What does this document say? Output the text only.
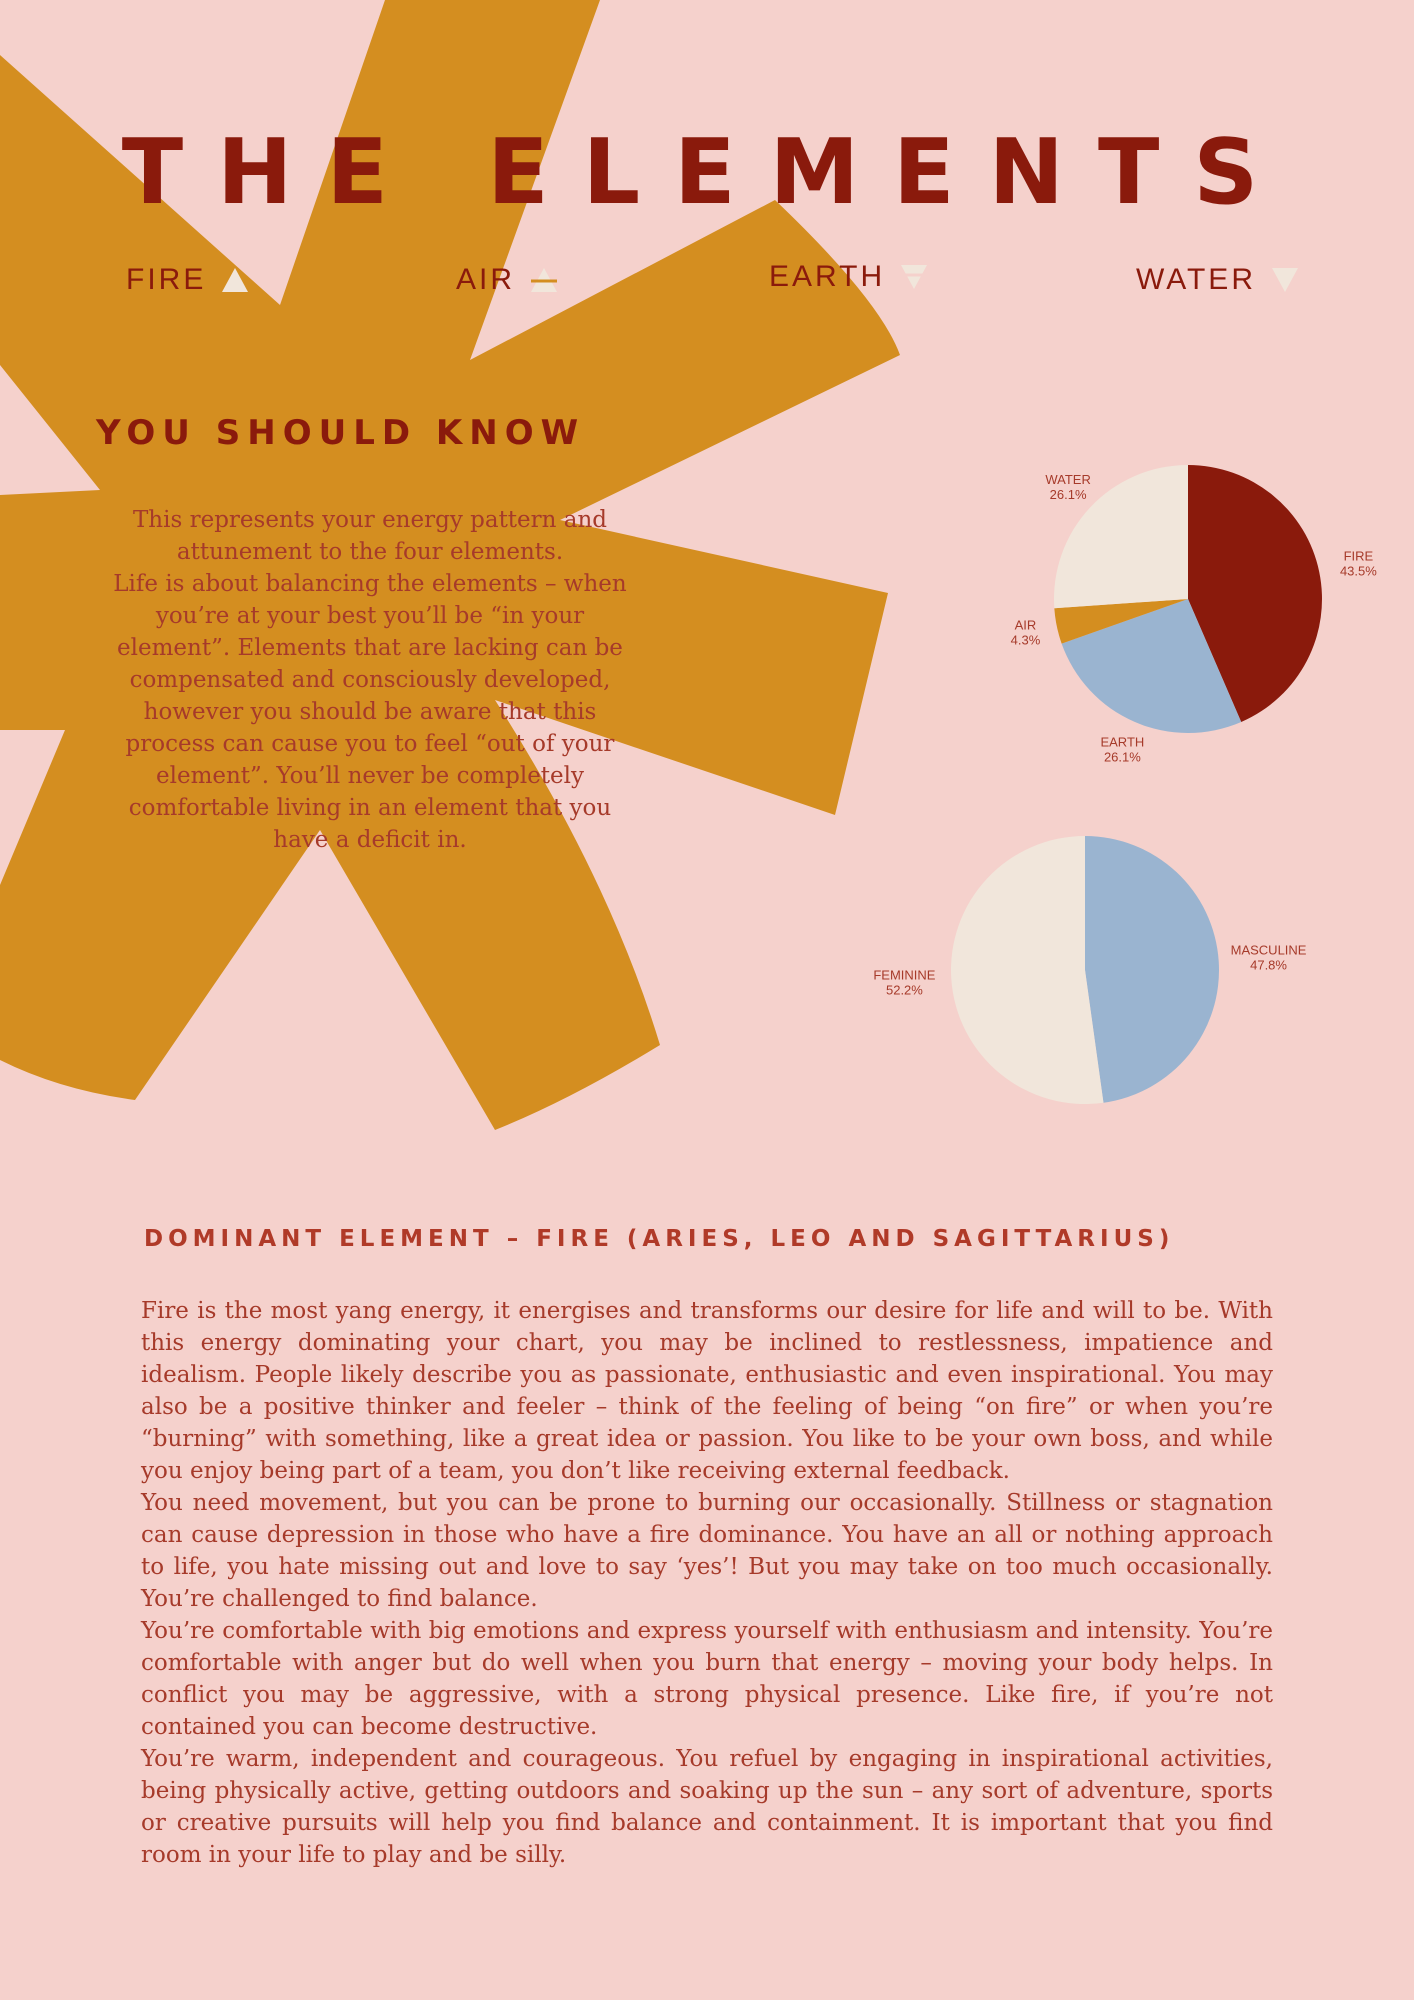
THE ELEMENTS
FIRE	AIR	EARTH	WATER
YOU SHOULD KNOW

This represents your energy pattern and attunement to the four elements.

Life is about balancing the elements – when you’re at your best you’ll be “in your element”. Elements that are lacking can be compensated and consciously developed, however you should be aware that this process can cause you to feel “out of your element”. You’ll never be completely comfortable living in an element that you have a deficit in.

FIRE
43.5%
EARTH
26.1%
AIR
4.3%
WATER
26.1%
MASCULINE
47.8%
FEMININE
52.2%
DOMINANT ELEMENT – FIRE (ARIES, LEO AND SAGITTARIUS)

Fire is the most yang energy, it energises and transforms our desire for life and will to be. With this energy dominating your chart, you may be inclined to restlessness, impatience and idealism. People likely describe you as passionate, enthusiastic and even inspirational. You may also be a positive thinker and feeler – think of the feeling of being “on fire” or when you’re “burning” with something, like a great idea or passion. You like to be your own boss, and while you enjoy being part of a team, you don’t like receiving external feedback.

You need movement, but you can be prone to burning our occasionally. Stillness or stagnation can cause depression in those who have a fire dominance. You have an all or nothing approach to life, you hate missing out and love to say ‘yes’! But you may take on too much occasionally. You’re challenged to find balance.

You’re comfortable with big emotions and express yourself with enthusiasm and intensity. You’re comfortable with anger but do well when you burn that energy – moving your body helps. In conflict you may be aggressive, with a strong physical presence. Like fire, if you’re not contained you can become destructive.

You’re warm, independent and courageous. You refuel by engaging in inspirational activities, being physically active, getting outdoors and soaking up the sun – any sort of adventure, sports or creative pursuits will help you find balance and containment. It is important that you find room in your life to play and be silly.
